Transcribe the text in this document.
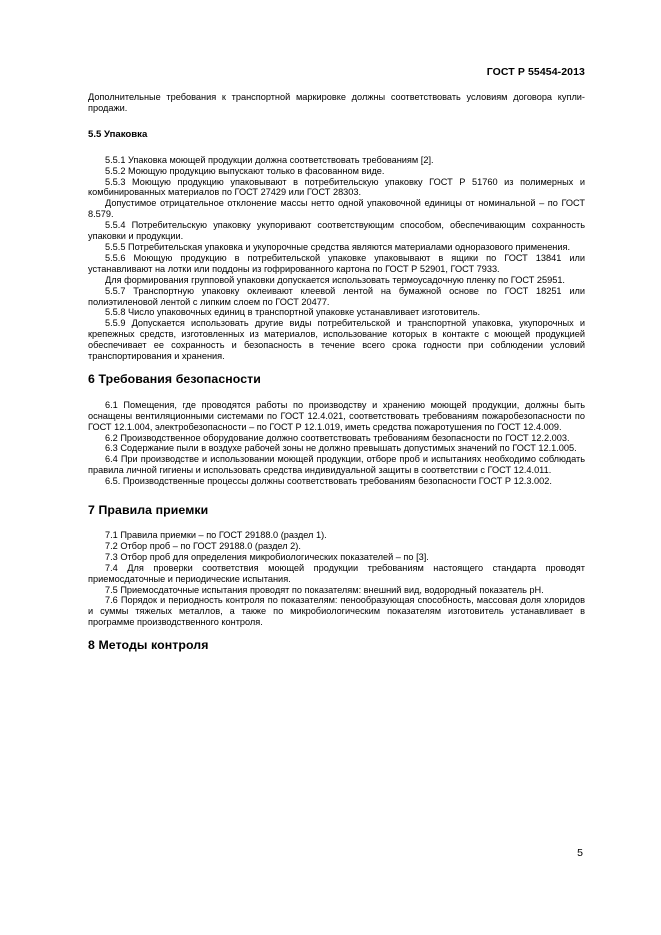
ГОСТ Р 55454-2013

Дополнительные требования к транспортной маркировке должны соответствовать условиям договора купли-продажи.

5.5 Упаковка

5.5.1 Упаковка моющей продукции должна соответствовать требованиям [2].

5.5.2 Моющую продукцию выпускают только в фасованном виде.

5.5.3 Моющую продукцию упаковывают в потребительскую упаковку ГОСТ Р 51760 из полимерных и комбинированных материалов по ГОСТ 27429 или ГОСТ 28303.

Допустимое отрицательное отклонение массы нетто одной упаковочной единицы от номинальной – по ГОСТ 8.579.

5.5.4 Потребительскую упаковку укупоривают соответствующим способом, обеспечивающим сохранность упаковки и продукции.

5.5.5 Потребительская упаковка и укупорочные средства являются материалами одноразового применения.

5.5.6 Моющую продукцию в потребительской упаковке упаковывают в ящики по ГОСТ 13841 или устанавливают на лотки или поддоны из гофрированного картона по ГОСТ Р 52901, ГОСТ 7933.

Для формирования групповой упаковки допускается использовать термоусадочную пленку по ГОСТ 25951.

5.5.7 Транспортную упаковку оклеивают клеевой лентой на бумажной основе по ГОСТ 18251 или полиэтиленовой лентой с липким слоем по ГОСТ 20477.

5.5.8 Число упаковочных единиц в транспортной упаковке устанавливает изготовитель.

5.5.9 Допускается использовать другие виды потребительской и транспортной упаковка, укупорочных и крепежных средств, изготовленных из материалов, использование которых в контакте с моющей продукцией обеспечивает ее сохранность и безопасность в течение всего срока годности при соблюдении условий транспортирования и хранения.

6 Требования безопасности

6.1 Помещения, где проводятся работы по производству и хранению моющей продукции, должны быть оснащены вентиляционными системами по ГОСТ 12.4.021, соответствовать требованиям пожаробезопасности по ГОСТ 12.1.004, электробезопасности – по ГОСТ Р 12.1.019, иметь средства пожаротушения по ГОСТ 12.4.009.

6.2 Производственное оборудование должно соответствовать требованиям безопасности по ГОСТ 12.2.003.

6.3 Содержание пыли в воздухе рабочей зоны не должно превышать допустимых значений по ГОСТ 12.1.005.

6.4 При производстве и использовании моющей продукции, отборе проб и испытаниях необходимо соблюдать правила личной гигиены и использовать средства индивидуальной защиты в соответствии с ГОСТ 12.4.011.

6.5. Производственные процессы должны соответствовать требованиям безопасности ГОСТ Р 12.3.002.

7 Правила приемки

7.1 Правила приемки – по ГОСТ 29188.0 (раздел 1).

7.2 Отбор проб – по ГОСТ 29188.0 (раздел 2).

7.3 Отбор проб для определения микробиологических показателей – по [3].

7.4 Для проверки соответствия моющей продукции требованиям настоящего стандарта проводят приемосдаточные и периодические испытания.

7.5 Приемосдаточные испытания проводят по показателям: внешний вид, водородный показатель рН.

7.6 Порядок и периодность контроля по показателям: пенообразующая способность, массовая доля хлоридов и суммы тяжелых металлов, а также по микробиологическим показателям изготовитель устанавливает в программе производственного контроля.

8 Методы контроля
5
